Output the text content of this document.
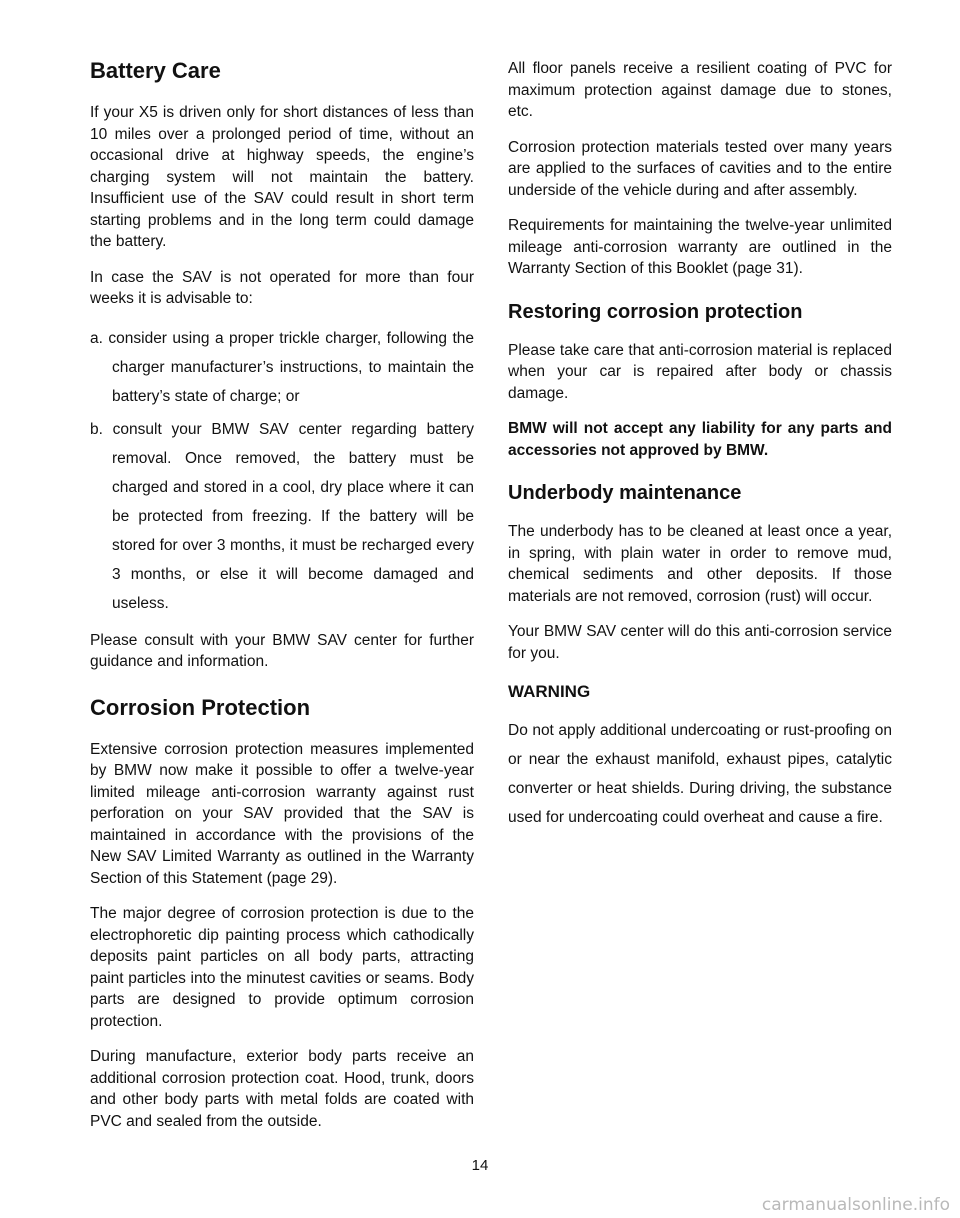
Battery Care

If your X5 is driven only for short distances of less than 10 miles over a prolonged period of time, without an occasional drive at highway speeds, the engine’s charging system will not maintain the battery. Insufficient use of the SAV could result in short term starting problems and in the long term could damage the battery.

In case the SAV is not operated for more than four weeks it is advisable to:

a. consider using a proper trickle charger, following the charger manufacturer’s instructions, to maintain the battery’s state of charge; or
b. consult your BMW SAV center regarding battery removal. Once removed, the battery must be charged and stored in a cool, dry place where it can be protected from freezing. If the battery will be stored for over 3 months, it must be recharged every 3 months, or else it will become damaged and useless.

Please consult with your BMW SAV center for further guidance and information.

Corrosion Protection

Extensive corrosion protection measures implemented by BMW now make it possible to offer a twelve-year limited mileage anti-corrosion warranty against rust perforation on your SAV provided that the SAV is maintained in accordance with the provisions of the New SAV Limited Warranty as outlined in the Warranty Section of this Statement (page 29).

The major degree of corrosion protection is due to the electrophoretic dip painting process which cathodically deposits paint particles on all body parts, attracting paint particles into the minutest cavities or seams. Body parts are designed to provide optimum corrosion protection.

During manufacture, exterior body parts receive an additional corrosion protection coat. Hood, trunk, doors and other body parts with metal folds are coated with PVC and sealed from the outside.

All floor panels receive a resilient coating of PVC for maximum protection against damage due to stones, etc.

Corrosion protection materials tested over many years are applied to the surfaces of cavities and to the entire underside of the vehicle during and after assembly.

Requirements for maintaining the twelve-year unlimited mileage anti-corrosion warranty are outlined in the Warranty Section of this Booklet (page 31).

Restoring corrosion protection

Please take care that anti-corrosion material is replaced when your car is repaired after body or chassis damage.

BMW will not accept any liability for any parts and accessories not approved by BMW.

Underbody maintenance

The underbody has to be cleaned at least once a year, in spring, with plain water in order to remove mud, chemical sediments and other deposits. If those materials are not removed, corrosion (rust) will occur.

Your BMW SAV center will do this anti-corrosion service for you.

WARNING

Do not apply additional undercoating or rust-proofing on or near the exhaust manifold, exhaust pipes, catalytic converter or heat shields. During driving, the substance used for undercoating could overheat and cause a fire.

14
carmanualsonline.info
